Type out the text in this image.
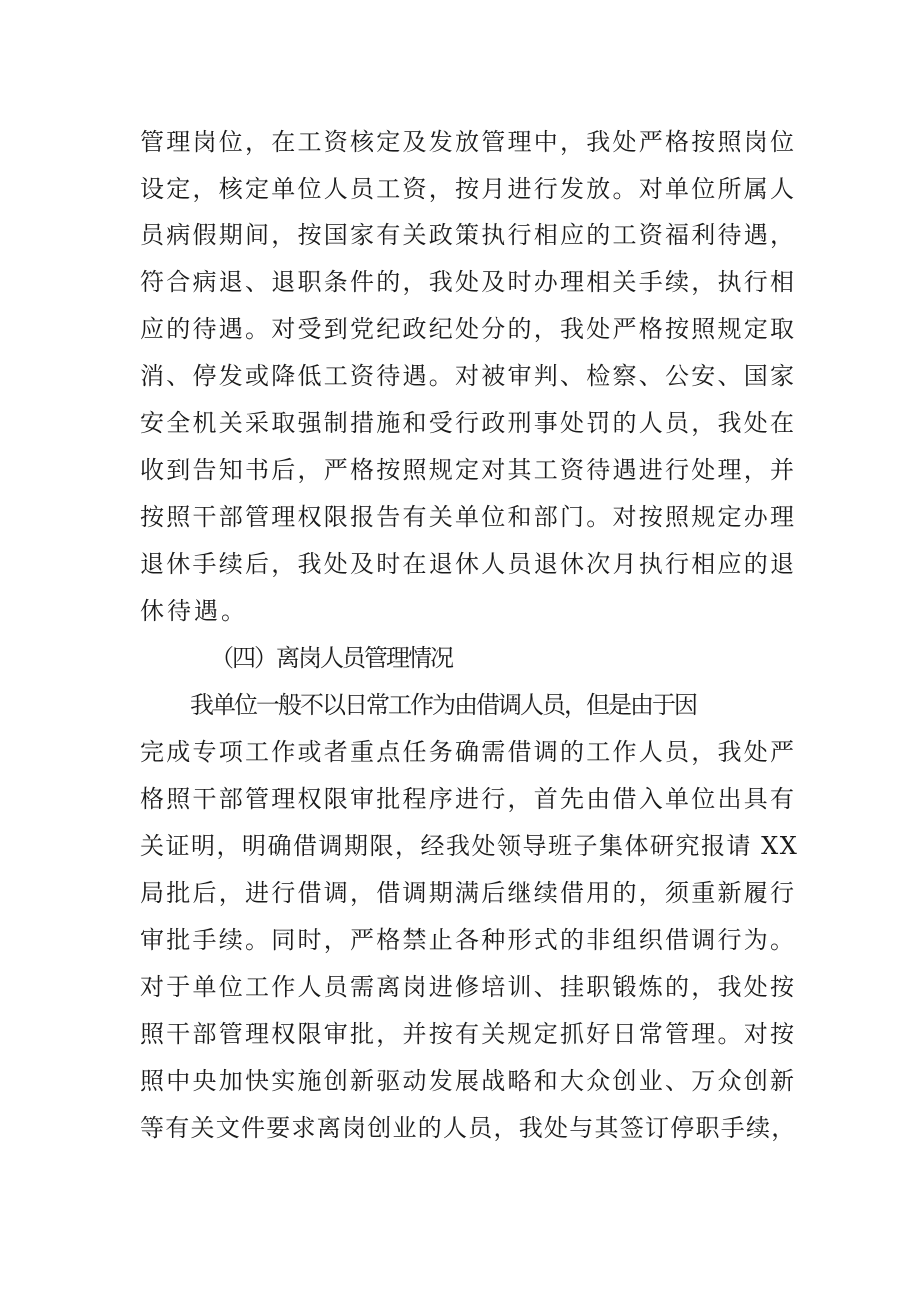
管理岗位，在工资核定及发放管理中，我处严格按照岗位

设定，核定单位人员工资，按月进行发放。对单位所属人

员病假期间，按国家有关政策执行相应的工资福利待遇，

符合病退、退职条件的，我处及时办理相关手续，执行相

应的待遇。对受到党纪政纪处分的，我处严格按照规定取

消、停发或降低工资待遇。对被审判、检察、公安、国家

安全机关采取强制措施和受行政刑事处罚的人员，我处在

收到告知书后，严格按照规定对其工资待遇进行处理，并

按照干部管理权限报告有关单位和部门。对按照规定办理

退休手续后，我处及时在退休人员退休次月执行相应的退

休待遇。

（四）离岗人员管理情况

我单位一般不以日常工作为由借调人员，但是由于因

完成专项工作或者重点任务确需借调的工作人员，我处严

格照干部管理权限审批程序进行，首先由借入单位出具有

关证明，明确借调期限，经我处领导班子集体研究报请 XX

局批后，进行借调，借调期满后继续借用的，须重新履行

审批手续。同时，严格禁止各种形式的非组织借调行为。

对于单位工作人员需离岗进修培训、挂职锻炼的，我处按

照干部管理权限审批，并按有关规定抓好日常管理。对按

照中央加快实施创新驱动发展战略和大众创业、万众创新

等有关文件要求离岗创业的人员，我处与其签订停职手续，
